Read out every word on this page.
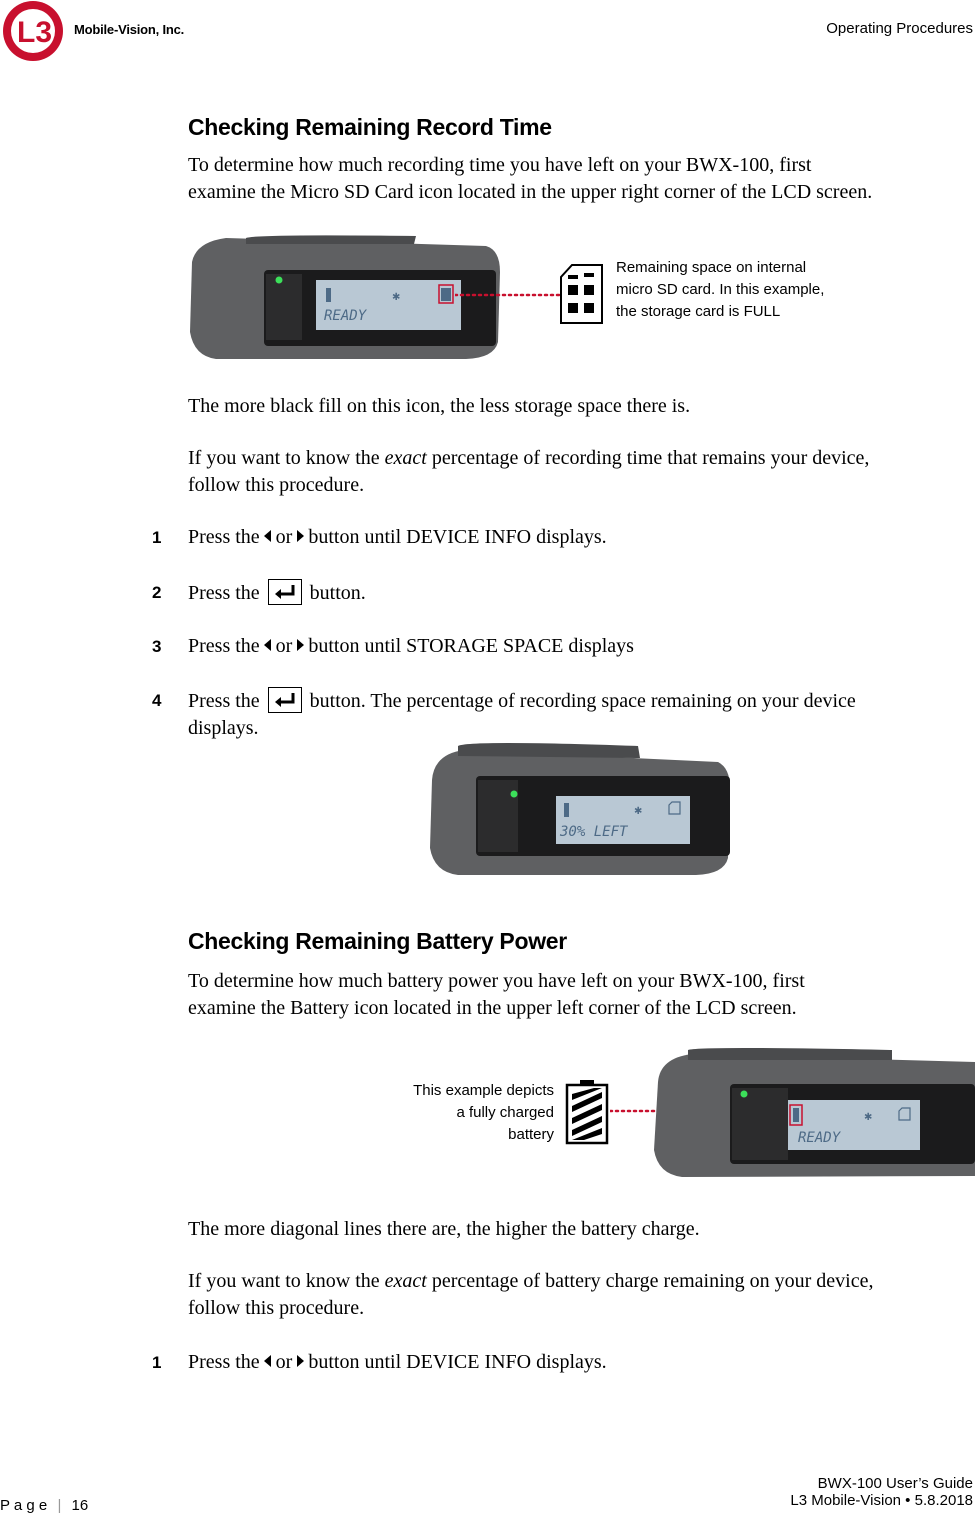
L3 Mobile-Vision, Inc.	Operating Procedures
Checking Remaining Record Time

To determine how much recording time you have left on your BWX-100, first

examine the Micro SD Card icon located in the upper right corner of the LCD screen.

✱
READY
Remaining space on internal
micro SD card. In this example,
the storage card is FULL

The more black fill on this icon, the less storage space there is.

If you want to know the exact percentage of recording time that remains your device,

follow this procedure.

1 Press the or button until DEVICE INFO displays.
2 Press the	button.
3 Press the or button until STORAGE SPACE displays
4 Press the	button. The percentage of recording space remaining on your device
displays.
✱
30% LEFT
Checking Remaining Battery Power

To determine how much battery power you have left on your BWX-100, first

examine the Battery icon located in the upper left corner of the LCD screen.

This example depicts
a fully charged
battery
✱
READY

The more diagonal lines there are, the higher the battery charge.

If you want to know the exact percentage of battery charge remaining on your device,

follow this procedure.

1 Press the or button until DEVICE INFO displays.
P a g e | 16
BWX-100 User’s Guide
L3 Mobile-Vision • 5.8.2018
